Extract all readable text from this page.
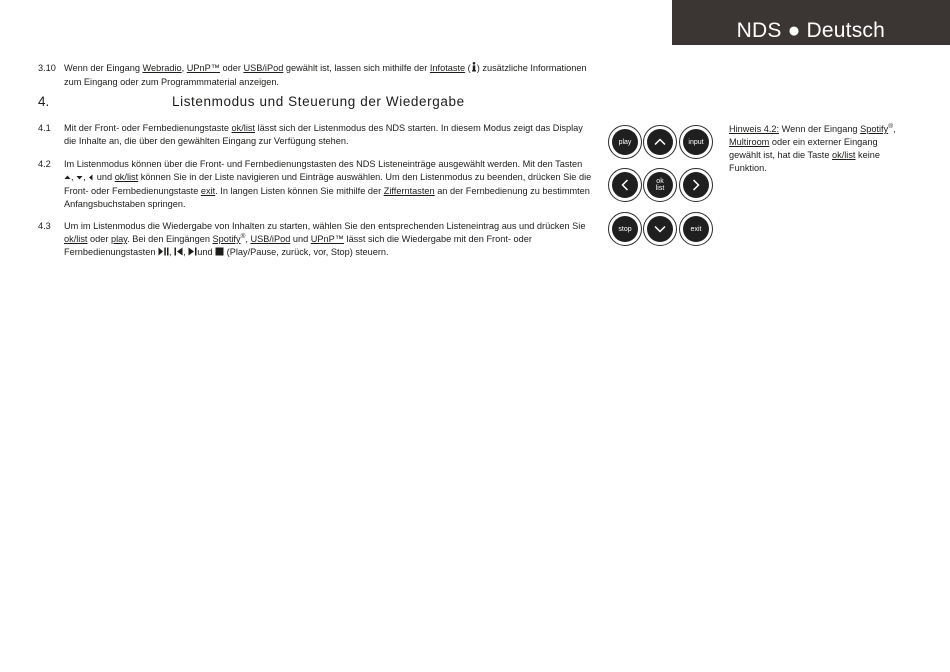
NDS ● Deutsch
3.10 Wenn der Eingang Webradio, UPnP™ oder USB/iPod gewählt ist, lassen sich mithilfe der Infotaste ( ) zusätzliche Informationen zum Eingang oder zum Programmmaterial anzeigen.
4.	Listenmodus und Steuerung der Wiedergabe
4.1	Mit der Front- oder Fernbedienungstaste ok/list lässt sich der Listenmodus des NDS starten. In diesem Modus zeigt das Display die Inhalte an, die über den gewählten Eingang zur Verfügung stehen.
4.2	Im Listenmodus können über die Front- und Fernbedienungstasten des NDS Listeneinträge ausgewählt werden. Mit den Tasten
, ,  und ok/list können Sie in der Liste navigieren und Einträge auswählen. Um den Listenmodus zu beenden, drücken Sie die Front- oder Fernbedienungstaste exit. In langen Listen können Sie mithilfe der Zifferntasten an der Fernbedienung zu bestimmten Anfangsbuchstaben springen.
4.3	Um im Listenmodus die Wiedergabe von Inhalten zu starten, wählen Sie den entsprechenden Listeneintrag aus und drücken Sie ok/list oder play. Bei den Eingängen Spotify®, USB/iPod und UPnP™ lässt sich die Wiedergabe mit den Front- oder Fernbedienungstasten , , und  (Play/Pause, zurück, vor, Stop) steuern.
play	input
ok
list
stop	exit
Hinweis 4.2: Wenn der Eingang Spotify®,
Multiroom oder ein externer Eingang gewählt ist, hat die Taste ok/list keine Funktion.
